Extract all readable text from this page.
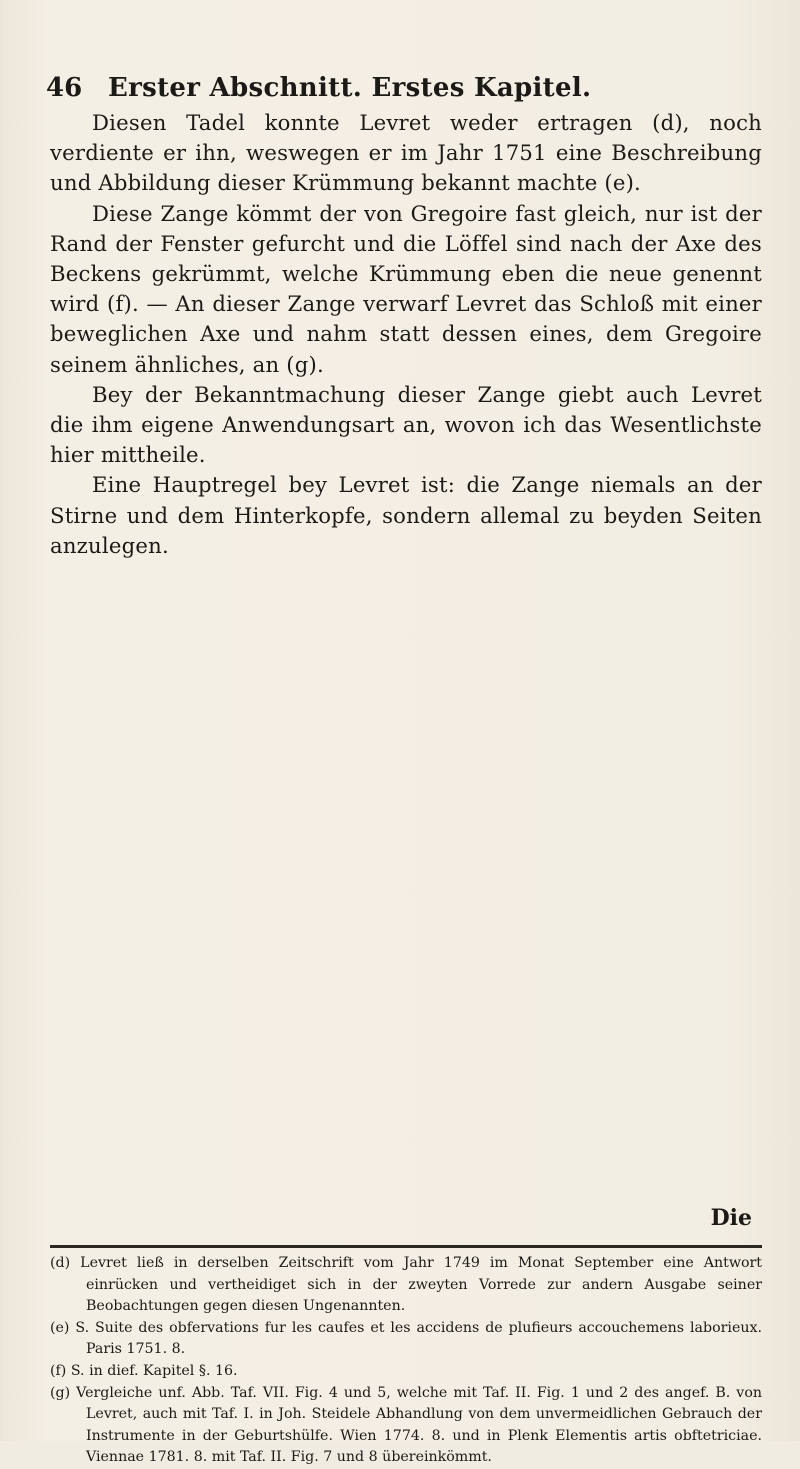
46 Erster Abschnitt. Erstes Kapitel.

Diesen Tadel konnte Levret weder ertragen (d), noch verdiente er ihn, weswegen er im Jahr 1751 eine Beschreibung und Abbildung dieser Krümmung bekannt machte (e).

Diese Zange kömmt der von Gregoire fast gleich, nur ist der Rand der Fenster gefurcht und die Löffel sind nach der Axe des Beckens gekrümmt, welche Krümmung eben die neue genennt wird (f). — An dieser Zange verwarf Levret das Schloß mit einer beweglichen Axe und nahm statt dessen eines, dem Gregoire seinem ähnliches, an (g).

Bey der Bekanntmachung dieser Zange giebt auch Levret die ihm eigene Anwendungsart an, wovon ich das Wesentlichste hier mittheile.

Eine Hauptregel bey Levret ist: die Zange niemals an der Stirne und dem Hinterkopfe, sondern allemal zu beyden Seiten anzulegen.

Die

(d) Levret ließ in derselben Zeitschrift vom Jahr 1749 im Monat September eine Antwort einrücken und vertheidiget sich in der zweyten Vorrede zur andern Ausgabe seiner Beobachtungen gegen diesen Ungenannten.

(e) S. Suite des obfervations fur les caufes et les accidens de plufieurs accouchemens laborieux. Paris 1751. 8.

(f) S. in dief. Kapitel §. 16.

(g) Vergleiche unf. Abb. Taf. VII. Fig. 4 und 5, welche mit Taf. II. Fig. 1 und 2 des angef. B. von Levret, auch mit Taf. I. in Joh. Steidele Abhandlung von dem unvermeidlichen Gebrauch der Instrumente in der Geburtshülfe. Wien 1774. 8. und in Plenk Elementis artis obftetriciae. Viennae 1781. 8. mit Taf. II. Fig. 7 und 8 übereinkömmt.
